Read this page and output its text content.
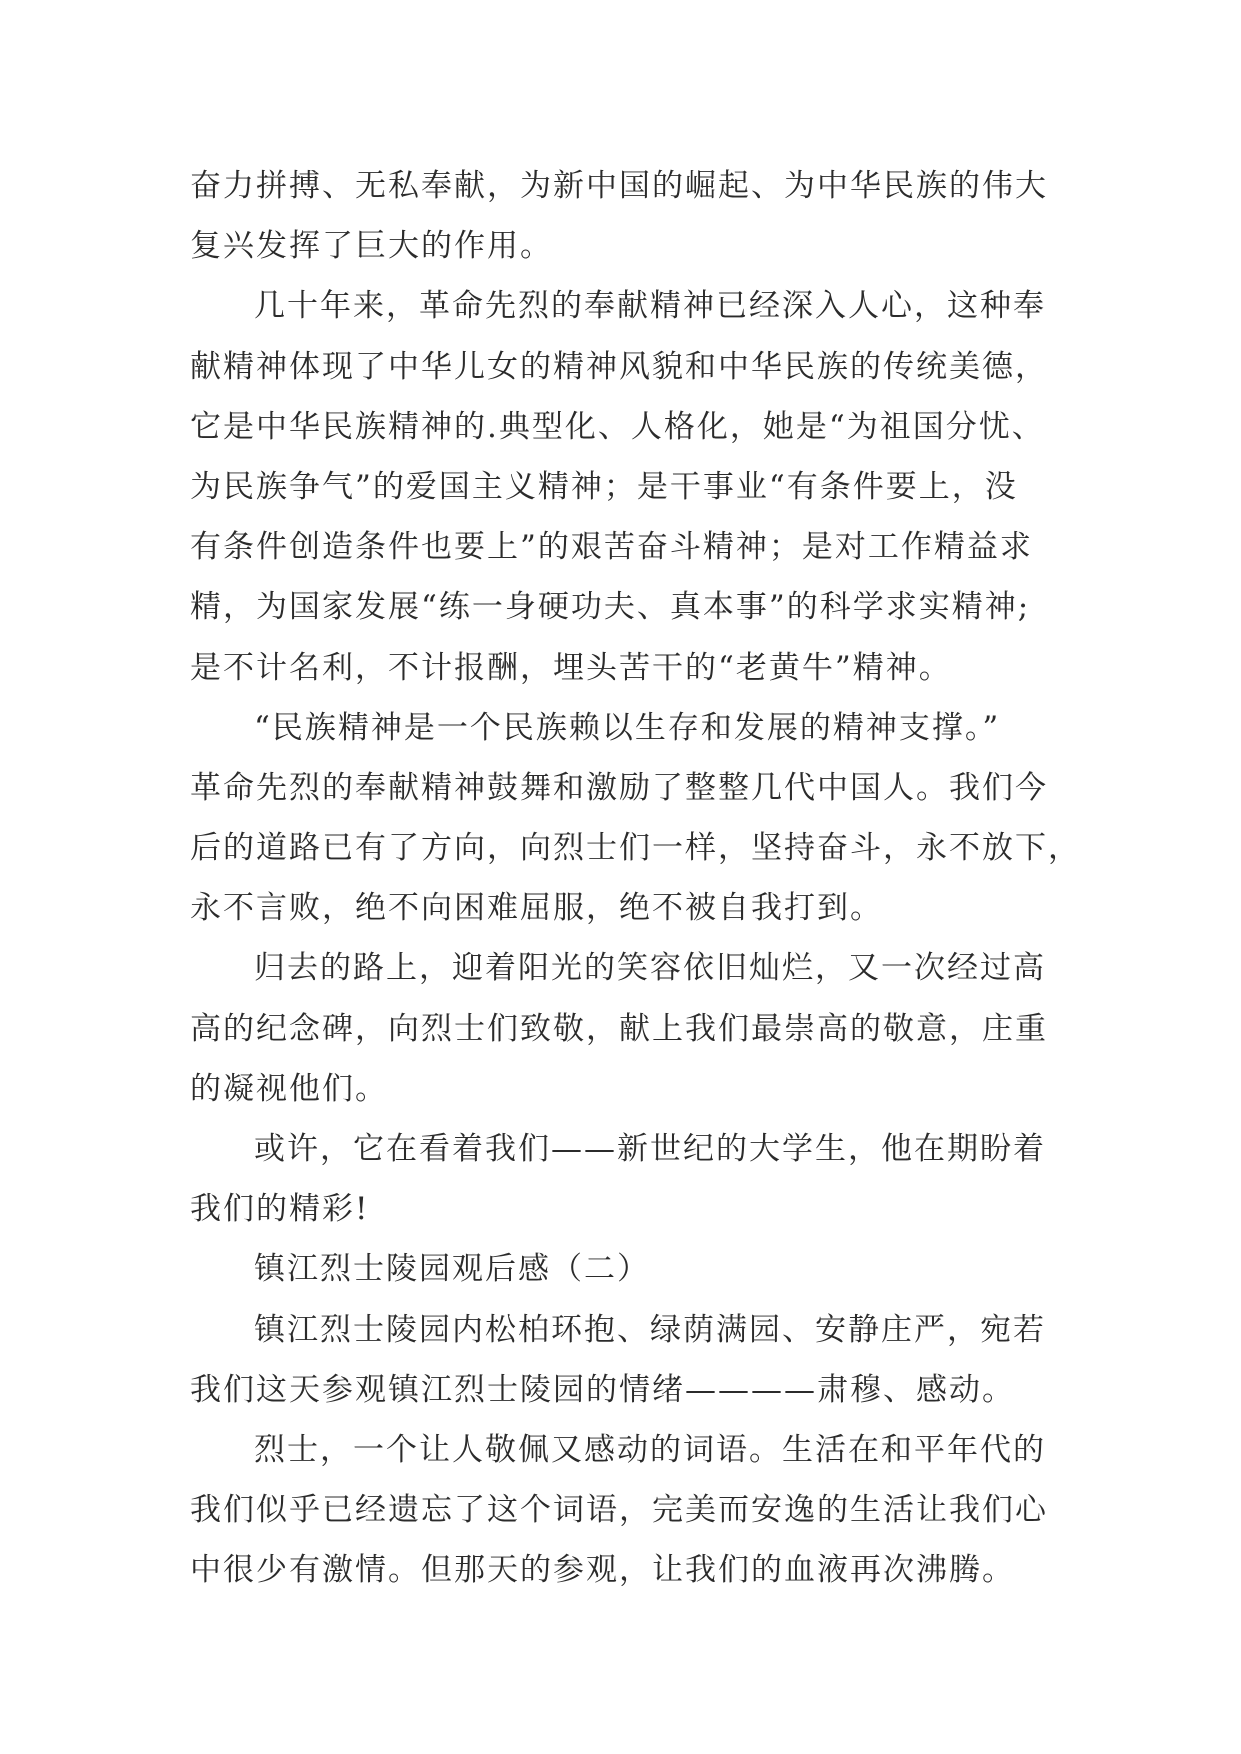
奋力拼搏、无私奉献，为新中国的崛起、为中华民族的伟大
复兴发挥了巨大的作用。
几十年来，革命先烈的奉献精神已经深入人心，这种奉
献精神体现了中华儿女的精神风貌和中华民族的传统美德，
它是中华民族精神的.典型化、人格化，她是“为祖国分忧、
为民族争气”的爱国主义精神；是干事业“有条件要上，没
有条件创造条件也要上”的艰苦奋斗精神；是对工作精益求
精，为国家发展“练一身硬功夫、真本事”的科学求实精神;
是不计名利，不计报酬，埋头苦干的“老黄牛”精神。
“民族精神是一个民族赖以生存和发展的精神支撑。”
革命先烈的奉献精神鼓舞和激励了整整几代中国人。我们今
后的道路已有了方向，向烈士们一样，坚持奋斗，永不放下，
永不言败，绝不向困难屈服，绝不被自我打到。
归去的路上，迎着阳光的笑容依旧灿烂，又一次经过高
高的纪念碑，向烈士们致敬，献上我们最崇高的敬意，庄重
的凝视他们。
或许，它在看着我们——新世纪的大学生，他在期盼着
我们的精彩!
镇江烈士陵园观后感（二）
镇江烈士陵园内松柏环抱、绿荫满园、安静庄严，宛若
我们这天参观镇江烈士陵园的情绪————肃穆、感动。
烈士，一个让人敬佩又感动的词语。生活在和平年代的
我们似乎已经遗忘了这个词语，完美而安逸的生活让我们心
中很少有激情。但那天的参观，让我们的血液再次沸腾。
